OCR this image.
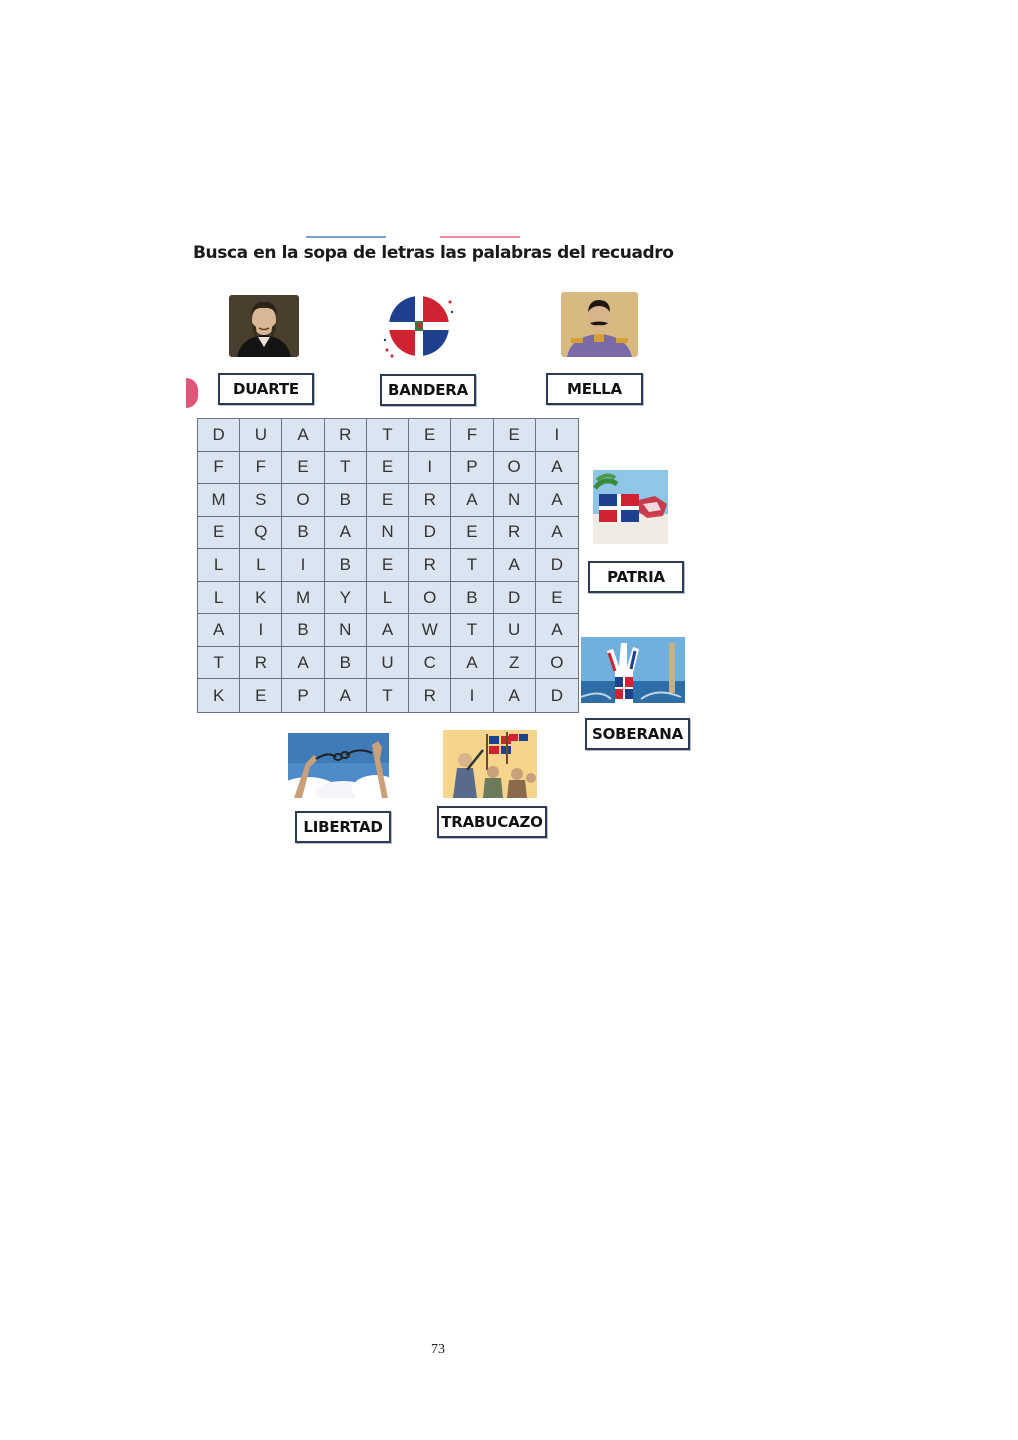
Busca en la sopa de letras las palabras del recuadro
DUARTE	BANDERA	MELLA
D	U	A	R	T	E	F	E	I
F	F	E	T	E	I	P	O	A
M	S	O	B	E	R	A	N	A
E	Q	B	A	N	D	E	R	A
L	L	I	B	E	R	T	A	D
L	K	M	Y	L	O	B	D	E
A	I	B	N	A	W	T	U	A
T	R	A	B	U	C	A	Z	O
K	E	P	A	T	R	I	A	D
PATRIA
SOBERANA
LIBERTAD	TRABUCAZO
73
